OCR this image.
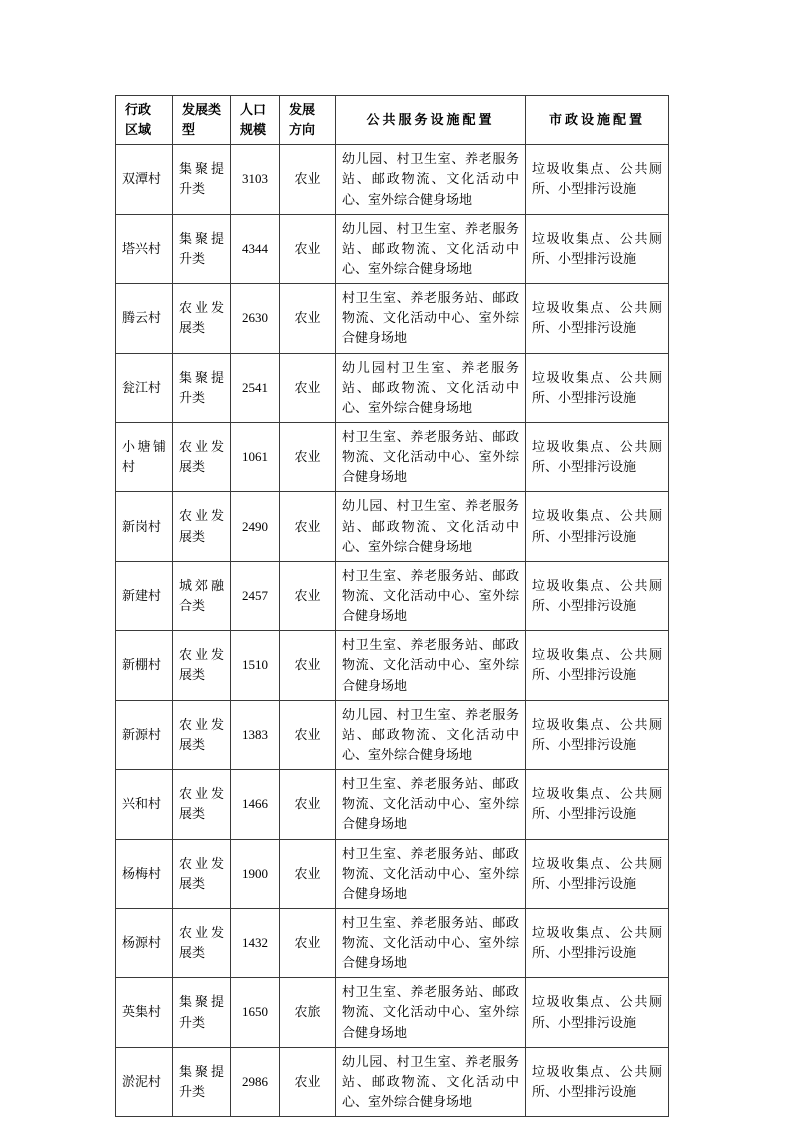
行政区域	发展类型	人口规模	发展方向	公共服务设施配置	市政设施配置
双潭村	集聚提升类	3103	农业	幼儿园、村卫生室、养老服务站、邮政物流、文化活动中心、室外综合健身场地	垃圾收集点、公共厕所、小型排污设施
塔兴村	集聚提升类	4344	农业	幼儿园、村卫生室、养老服务站、邮政物流、文化活动中心、室外综合健身场地	垃圾收集点、公共厕所、小型排污设施
腾云村	农业发展类	2630	农业	村卫生室、养老服务站、邮政物流、文化活动中心、室外综合健身场地	垃圾收集点、公共厕所、小型排污设施
瓮江村	集聚提升类	2541	农业	幼儿园村卫生室、养老服务站、邮政物流、文化活动中心、室外综合健身场地	垃圾收集点、公共厕所、小型排污设施
小塘铺村	农业发展类	1061	农业	村卫生室、养老服务站、邮政物流、文化活动中心、室外综合健身场地	垃圾收集点、公共厕所、小型排污设施
新岗村	农业发展类	2490	农业	幼儿园、村卫生室、养老服务站、邮政物流、文化活动中心、室外综合健身场地	垃圾收集点、公共厕所、小型排污设施
新建村	城郊融合类	2457	农业	村卫生室、养老服务站、邮政物流、文化活动中心、室外综合健身场地	垃圾收集点、公共厕所、小型排污设施
新棚村	农业发展类	1510	农业	村卫生室、养老服务站、邮政物流、文化活动中心、室外综合健身场地	垃圾收集点、公共厕所、小型排污设施
新源村	农业发展类	1383	农业	幼儿园、村卫生室、养老服务站、邮政物流、文化活动中心、室外综合健身场地	垃圾收集点、公共厕所、小型排污设施
兴和村	农业发展类	1466	农业	村卫生室、养老服务站、邮政物流、文化活动中心、室外综合健身场地	垃圾收集点、公共厕所、小型排污设施
杨梅村	农业发展类	1900	农业	村卫生室、养老服务站、邮政物流、文化活动中心、室外综合健身场地	垃圾收集点、公共厕所、小型排污设施
杨源村	农业发展类	1432	农业	村卫生室、养老服务站、邮政物流、文化活动中心、室外综合健身场地	垃圾收集点、公共厕所、小型排污设施
英集村	集聚提升类	1650	农旅	村卫生室、养老服务站、邮政物流、文化活动中心、室外综合健身场地	垃圾收集点、公共厕所、小型排污设施
淤泥村	集聚提升类	2986	农业	幼儿园、村卫生室、养老服务站、邮政物流、文化活动中心、室外综合健身场地	垃圾收集点、公共厕所、小型排污设施
